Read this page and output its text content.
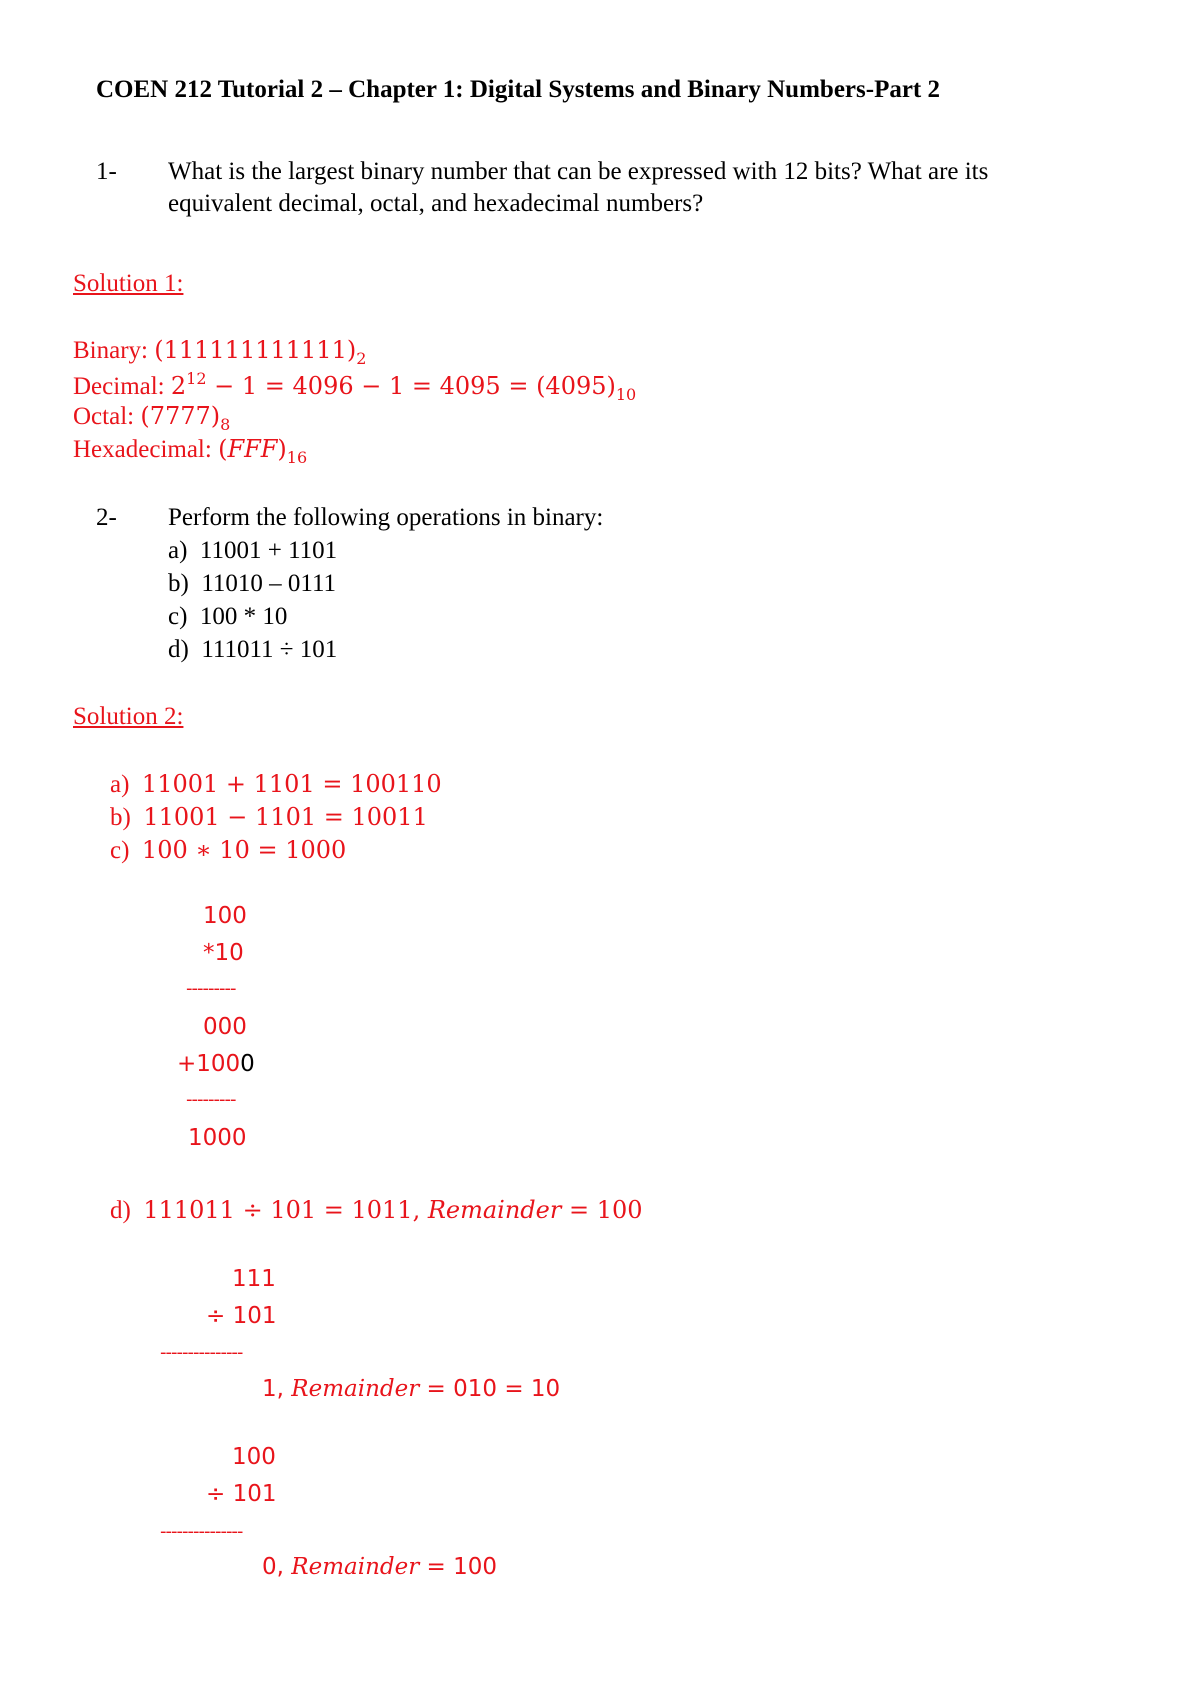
COEN 212 Tutorial 2 – Chapter 1: Digital Systems and Binary Numbers-Part 2
1- What is the largest binary number that can be expressed with 12 bits? What are its
equivalent decimal, octal, and hexadecimal numbers?
Solution 1:
Binary: $(111111111111)_2$
Decimal: $2^{12} - 1 = 4096 - 1 = 4095 = (4095)_{10}$
Octal: $(7777)_8$
Hexadecimal: $(FFF)_{16}$
2- Perform the following operations in binary:
a) 11001 + 1101
b) 11010 – 0111
c) 100 * 10
d) 111011 ÷ 101
Solution 2:
a) 11001 + 1101 = 100110
b) 11001 − 1101 = 10011
c) 100 ∗ 10 = 1000
100
*10
---------
000
+1000
---------
1000
d) 111011 ÷ 101 = 1011, Remainder = 100
111
÷ 101
---------------
1, Remainder = 010 = 10
100
÷ 101
---------------
0, Remainder = 100
